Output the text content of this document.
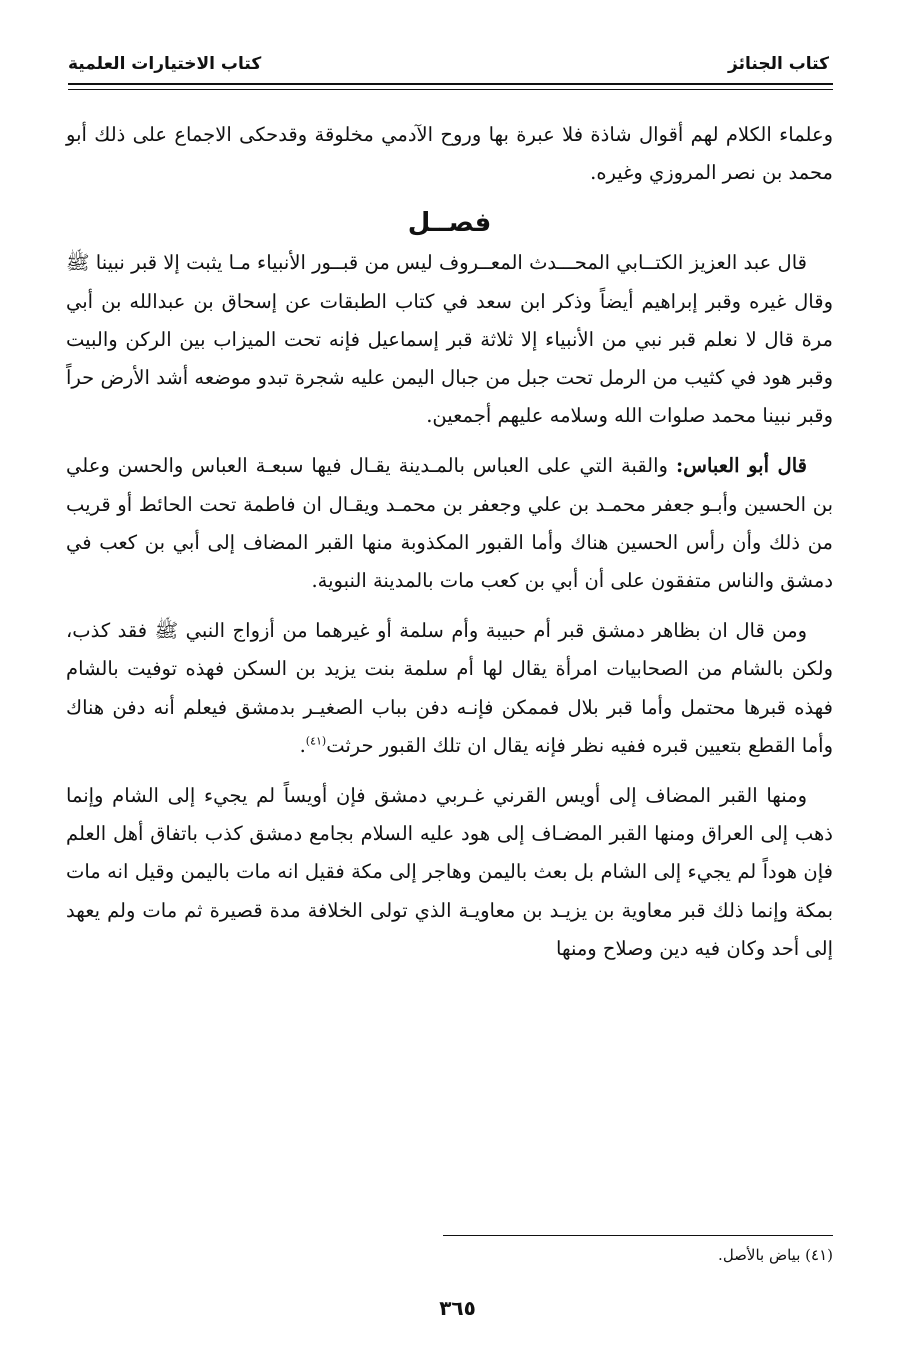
كتاب الجنائز
كتاب الاختيارات العلمية

وعلماء الكلام لهم أقوال شاذة فلا عبرة بها وروح الآدمي مخلوقة وقدحكى الاجماع على ذلك أبو محمد بن نصر المروزي وغيره.

فصــل

قال عبد العزيز الكتــابي المحـــدث المعــروف ليس من قبــور الأنبياء مـا يثبت إلا قبر نبينا ﷺ وقال غيره وقبر إبراهيم أيضاً وذكر ابن سعد في كتاب الطبقات عن إسحاق بن عبدالله بن أبي مرة قال لا نعلم قبر نبي من الأنبياء إلا ثلاثة قبر إسماعيل فإنه تحت الميزاب بين الركن والبيت وقبر هود في كثيب من الرمل تحت جبل من جبال اليمن عليه شجرة تبدو موضعه أشد الأرض حراً وقبر نبينا محمد صلوات الله وسلامه عليهم أجمعين.

قال أبو العباس: والقبة التي على العباس بالمـدينة يقـال فيها سبعـة العباس والحسن وعلي بن الحسين وأبـو جعفر محمـد بن علي وجعفر بن محمـد ويقـال ان فاطمة تحت الحائط أو قريب من ذلك وأن رأس الحسين هناك وأما القبور المكذوبة منها القبر المضاف إلى أبي بن كعب في دمشق والناس متفقون على أن أبي بن كعب مات بالمدينة النبوية.

ومن قال ان بظاهر دمشق قبر أم حبيبة وأم سلمة أو غيرهما من أزواج النبي ﷺ فقد كذب، ولكن بالشام من الصحابيات امرأة يقال لها أم سلمة بنت يزيد بن السكن فهذه توفيت بالشام فهذه قبرها محتمل وأما قبر بلال فممكن فإنـه دفن بباب الصغيـر بدمشق فيعلم أنه دفن هناك وأما القطع بتعيين قبره ففيه نظر فإنه يقال ان تلك القبور حرثت$^{(٤١)}$.

ومنها القبر المضاف إلى أويس القرني غـربي دمشق فإن أويساً لم يجيء إلى الشام وإنما ذهب إلى العراق ومنها القبر المضـاف إلى هود عليه السلام بجامع دمشق كذب باتفاق أهل العلم فإن هوداً لم يجيء إلى الشام بل بعث باليمن وهاجر إلى مكة فقيل انه مات باليمن وقيل انه مات بمكة وإنما ذلك قبر معاوية بن يزيـد بن معاويـة الذي تولى الخلافة مدة قصيرة ثم مات ولم يعهد إلى أحد وكان فيه دين وصلاح ومنها

(٤١) بياض بالأصل.
٣٦٥
